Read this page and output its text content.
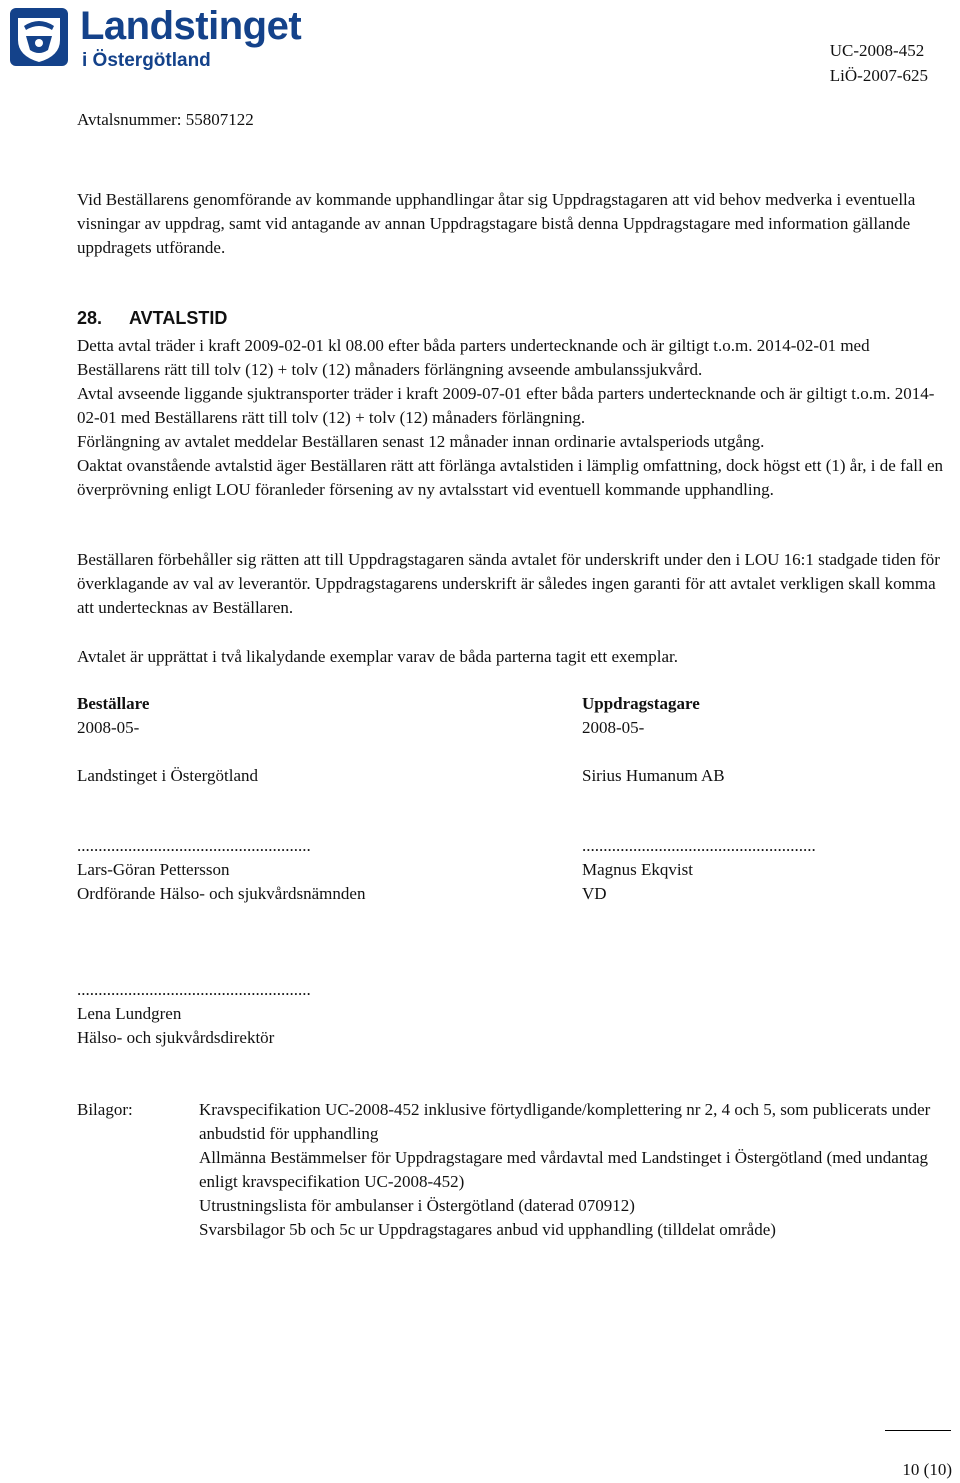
Landstinget
i Östergötland	UC-2008-452
LiÖ-2007-625
Avtalsnummer: 55807122
Vid Beställarens genomförande av kommande upphandlingar åtar sig Uppdragstagaren att vid behov medverka i eventuella visningar av uppdrag, samt vid antagande av annan Uppdragstagare bistå denna Uppdragstagare med information gällande uppdragets utförande.
28. AVTALSTID
Detta avtal träder i kraft 2009-02-01 kl 08.00 efter båda parters undertecknande och är giltigt t.o.m. 2014-02-01 med Beställarens rätt till tolv (12) + tolv (12) månaders förlängning avseende ambulanssjukvård.
Avtal avseende liggande sjuktransporter träder i kraft 2009-07-01 efter båda parters undertecknande och är giltigt t.o.m. 2014-02-01 med Beställarens rätt till tolv (12) + tolv (12) månaders förlängning.
Förlängning av avtalet meddelar Beställaren senast 12 månader innan ordinarie avtalsperiods utgång.
Oaktat ovanstående avtalstid äger Beställaren rätt att förlänga avtalstiden i lämplig omfattning, dock högst ett (1) år, i de fall en överprövning enligt LOU föranleder försening av ny avtalsstart vid eventuell kommande upphandling.
Beställaren förbehåller sig rätten att till Uppdragstagaren sända avtalet för underskrift under den i LOU 16:1 stadgade tiden för överklagande av val av leverantör. Uppdragstagarens underskrift är således ingen garanti för att avtalet verkligen skall komma att undertecknas av Beställaren.
Avtalet är upprättat i två likalydande exemplar varav de båda parterna tagit ett exemplar.
Beställare
2008-05-
Landstinget i Östergötland
.......................................................
Lars-Göran Pettersson
Ordförande Hälso- och sjukvårdsnämnden
Uppdragstagare
2008-05-
Sirius Humanum AB
.......................................................
Magnus Ekqvist
VD
.......................................................
Lena Lundgren
Hälso- och sjukvårdsdirektör
Bilagor:	Kravspecifikation UC-2008-452 inklusive förtydligande/komplettering nr 2, 4 och 5, som publicerats under anbudstid för upphandling
Allmänna Bestämmelser för Uppdragstagare med vårdavtal med Landstinget i Östergötland (med undantag enligt kravspecifikation UC-2008-452)
Utrustningslista för ambulanser i Östergötland (daterad 070912)
Svarsbilagor 5b och 5c ur Uppdragstagares anbud vid upphandling (tilldelat område)
10 (10)
